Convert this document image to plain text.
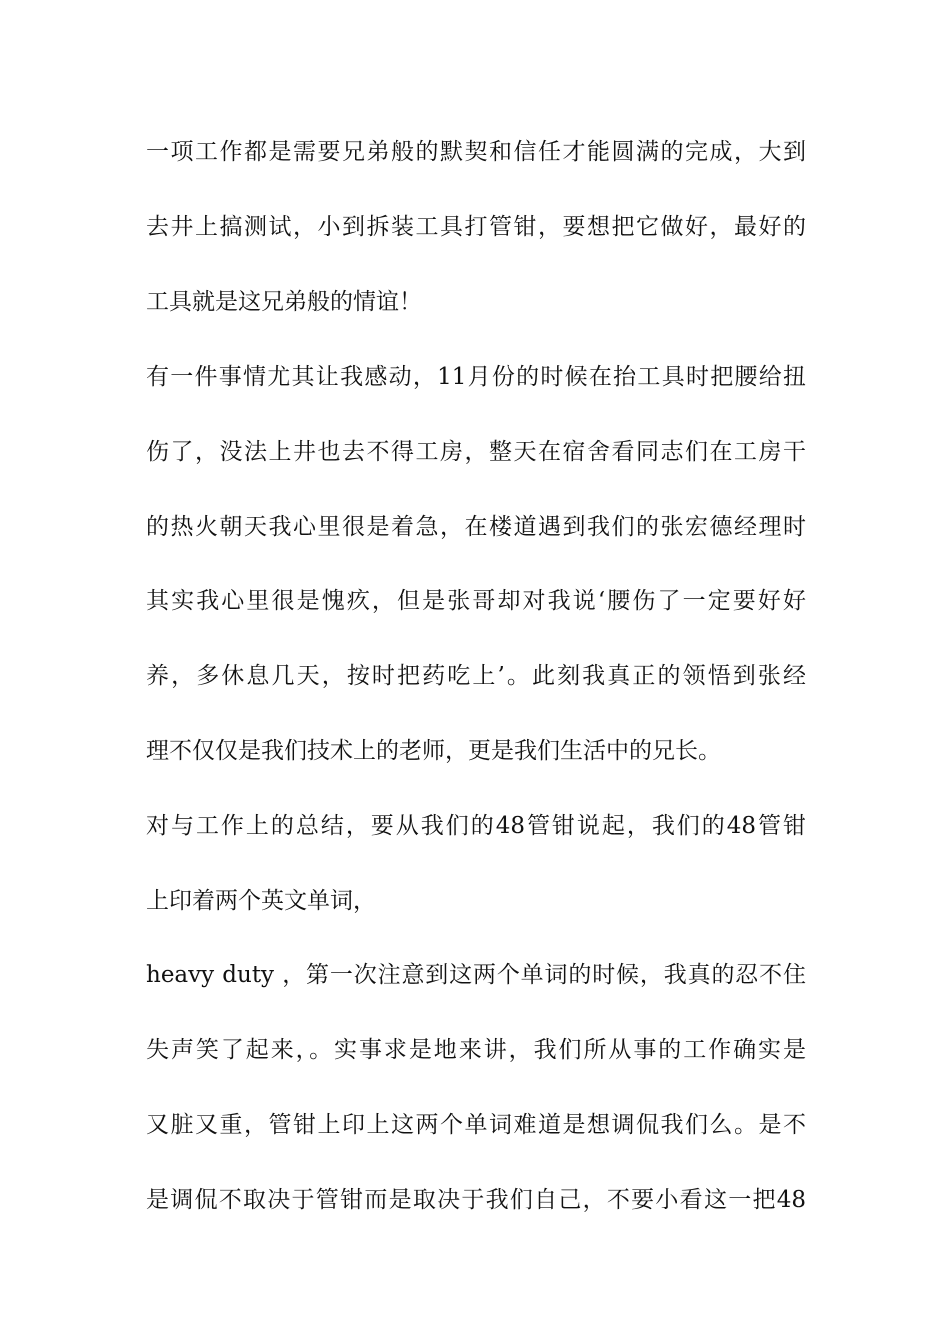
一项工作都是需要兄弟般的默契和信任才能圆满的完成，大到
去井上搞测试，小到拆装工具打管钳，要想把它做好，最好的
工具就是这兄弟般的情谊！
有一件事情尤其让我感动，11月份的时候在抬工具时把腰给扭
伤了，没法上井也去不得工房，整天在宿舍看同志们在工房干
的热火朝天我心里很是着急，在楼道遇到我们的张宏德经理时
其实我心里很是愧疚，但是张哥却对我说‘腰伤了一定要好好
养，多休息几天，按时把药吃上’。此刻我真正的领悟到张经
理不仅仅是我们技术上的老师，更是我们生活中的兄长。
对与工作上的总结，要从我们的48管钳说起，我们的48管钳
上印着两个英文单词，
heavy duty ，第一次注意到这两个单词的时候，我真的忍不住
失声笑了起来，。实事求是地来讲，我们所从事的工作确实是
又脏又重，管钳上印上这两个单词难道是想调侃我们么。是不
是调侃不取决于管钳而是取决于我们自己，不要小看这一把48
